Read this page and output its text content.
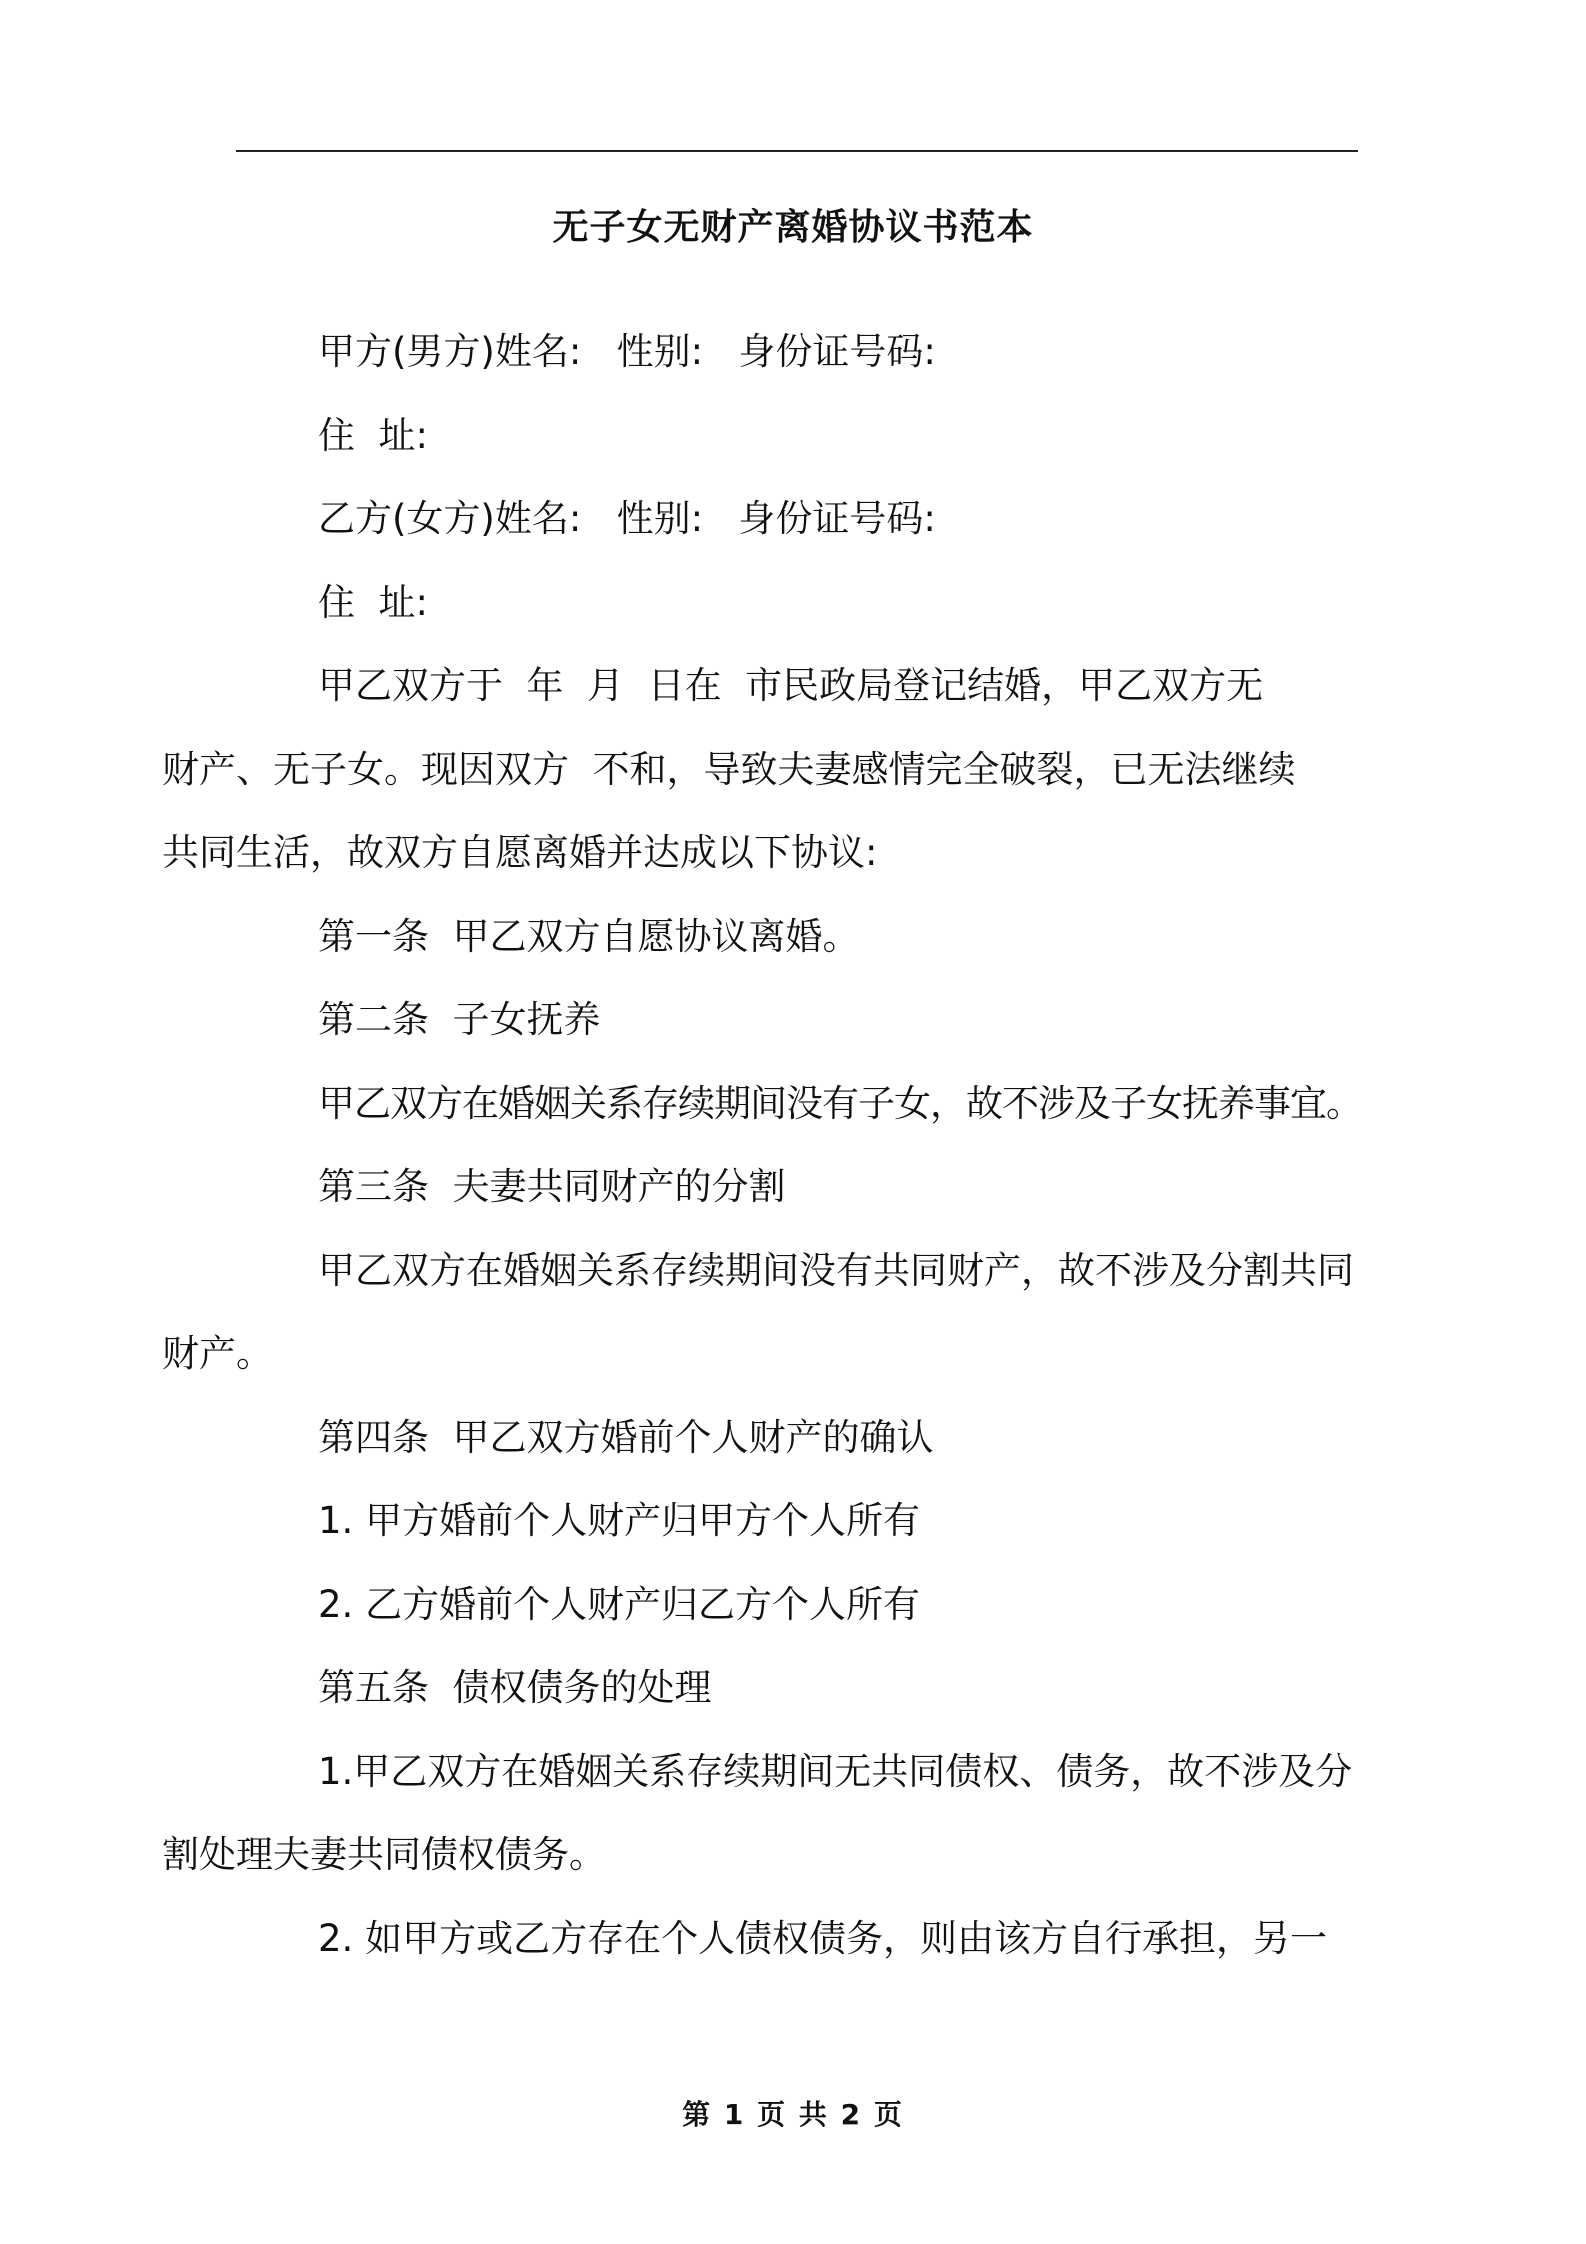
无子女无财产离婚协议书范本

甲方(男方)姓名:   性别:   身份证号码:

住  址:

乙方(女方)姓名:   性别:   身份证号码:

住  址:

甲乙双方于  年  月  日在  市民政局登记结婚，甲乙双方无财产、无子女。现因双方  不和，导致夫妻感情完全破裂，已无法继续共同生活，故双方自愿离婚并达成以下协议:

第一条  甲乙双方自愿协议离婚。

第二条  子女抚养

甲乙双方在婚姻关系存续期间没有子女，故不涉及子女抚养事宜。

第三条  夫妻共同财产的分割

甲乙双方在婚姻关系存续期间没有共同财产，故不涉及分割共同财产。

第四条  甲乙双方婚前个人财产的确认

1. 甲方婚前个人财产归甲方个人所有

2. 乙方婚前个人财产归乙方个人所有

第五条  债权债务的处理

1.甲乙双方在婚姻关系存续期间无共同债权、债务，故不涉及分割处理夫妻共同债权债务。

2. 如甲方或乙方存在个人债权债务，则由该方自行承担，另一

第 1 页 共 2 页
